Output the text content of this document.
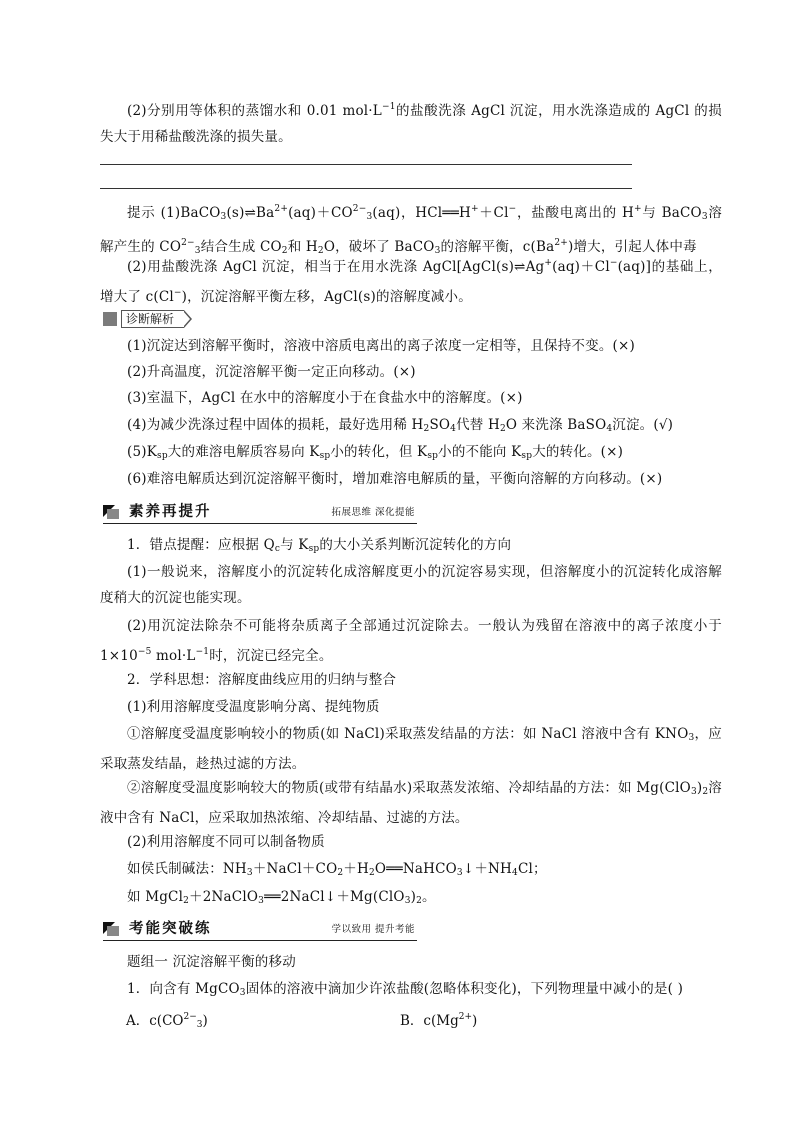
(2)分别用等体积的蒸馏水和 0.01 $mol\cdot L^{-1}$的盐酸洗涤 AgCl 沉淀，用水洗涤造成的 AgCl 的损失大于用稀盐酸洗涤的损失量。

提示 $(1)BaCO_3(s)\rightleftharpoons Ba^{2+}(aq)+CO^{2-}_3(aq)$，HCl══H+＋Cl−，盐酸电离出的 H+与 BaCO$_3$溶解产生的 $CO^{2-}_3$结合生成 $CO_2$和 $H_2O$，破坏了 BaCO$_3$的溶解平衡，$c(Ba^{2+})$增大，引起人体中毒

(2)用盐酸洗涤 AgCl 沉淀，相当于在用水洗涤 AgCl[AgCl(s)⇌Ag+(aq)＋Cl−(aq)]的基础上，增大了 c(Cl−)，沉淀溶解平衡左移，AgCl(s)的溶解度减小。

诊断解析

(1)沉淀达到溶解平衡时，溶液中溶质电离出的离子浓度一定相等，且保持不变。(×)

(2)升高温度，沉淀溶解平衡一定正向移动。(×)

(3)室温下，AgCl 在水中的溶解度小于在食盐水中的溶解度。(×)

(4)为减少洗涤过程中固体的损耗，最好选用稀 $H_2SO_4$代替 $H_2O$ 来洗涤 BaSO$_4$沉淀。(√)

$(5)K_{sp}$大的难溶电解质容易向 $K_{sp}$小的转化，但 $K_{sp}$小的不能向 $K_{sp}$大的转化。(×)

(6)难溶电解质达到沉淀溶解平衡时，增加难溶电解质的量，平衡向溶解的方向移动。(×)

素养再提升	拓展思维 深化提能

1．错点提醒：应根据 $Q_c$与 $K_{sp}$的大小关系判断沉淀转化的方向

(1)一般说来，溶解度小的沉淀转化成溶解度更小的沉淀容易实现，但溶解度小的沉淀转化成溶解度稍大的沉淀也能实现。

(2)用沉淀法除杂不可能将杂质离子全部通过沉淀除去。一般认为残留在溶液中的离子浓度小于 $1\times 10^{-5}$ $mol\cdot L^{-1}$时，沉淀已经完全。

2．学科思想：溶解度曲线应用的归纳与整合

(1)利用溶解度受温度影响分离、提纯物质

①溶解度受温度影响较小的物质(如 NaCl)采取蒸发结晶的方法：如 NaCl 溶液中含有 $KNO_3$，应采取蒸发结晶，趁热过滤的方法。

②溶解度受温度影响较大的物质(或带有结晶水)采取蒸发浓缩、冷却结晶的方法：如 $Mg(ClO_3)_2$溶液中含有 NaCl，应采取加热浓缩、冷却结晶、过滤的方法。

(2)利用溶解度不同可以制备物质

如侯氏制碱法：$NH_3+NaCl+CO_2+H_2O══NaHCO_3↓+NH_4Cl$；

如 $MgCl_2+2NaClO_3══2NaCl↓+Mg(ClO_3)_2$。

考能突破练	学以致用 提升考能

题组一 沉淀溶解平衡的移动

1．向含有 MgCO$_3$固体的溶液中滴加少许浓盐酸(忽略体积变化)，下列物理量中减小的是( )

A．$c(CO^{2-}_3)$	B．$c(Mg^{2+})$
